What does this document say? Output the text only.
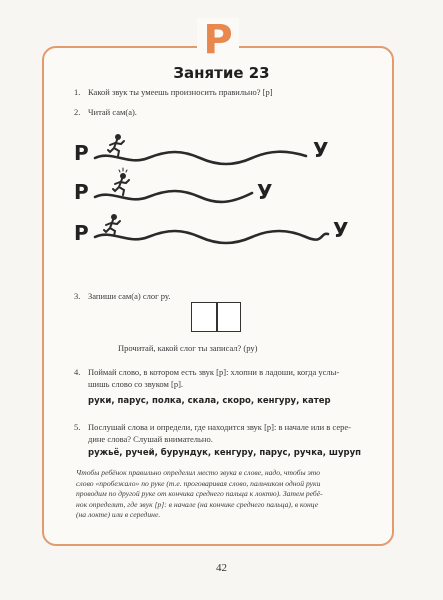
Р
Занятие 23
1. Какой звук ты умеешь произносить правильно? [р]
2. Читай сам(а).
Р	У
Р	У
Р	У
3. Запиши сам(а) слог ру.
Прочитай, какой слог ты записал? (ру)
4. Поймай слово, в котором есть звук [р]: хлопни в ладоши, когда услы-
шишь слово со звуком [р].
руки, парус, полка, скала, скоро, кенгуру, катер
5. Послушай слова и определи, где находится звук [р]: в начале или в сере-
дине слова? Слушай внимательно.
ружьё, ручей, бурундук, кенгуру, парус, ручка, шуруп
Чтобы ребёнок правильно определил место звука в слове, надо, чтобы это
слово «пробежало» по руке (т.е. проговаривая слово, пальчиком одной руки
проводим по другой руке от кончика среднего пальца к локтю). Затем ребё-
нок определит, где звук [р]: в начале (на кончике среднего пальца), в конце
(на локте) или в середине.
42
